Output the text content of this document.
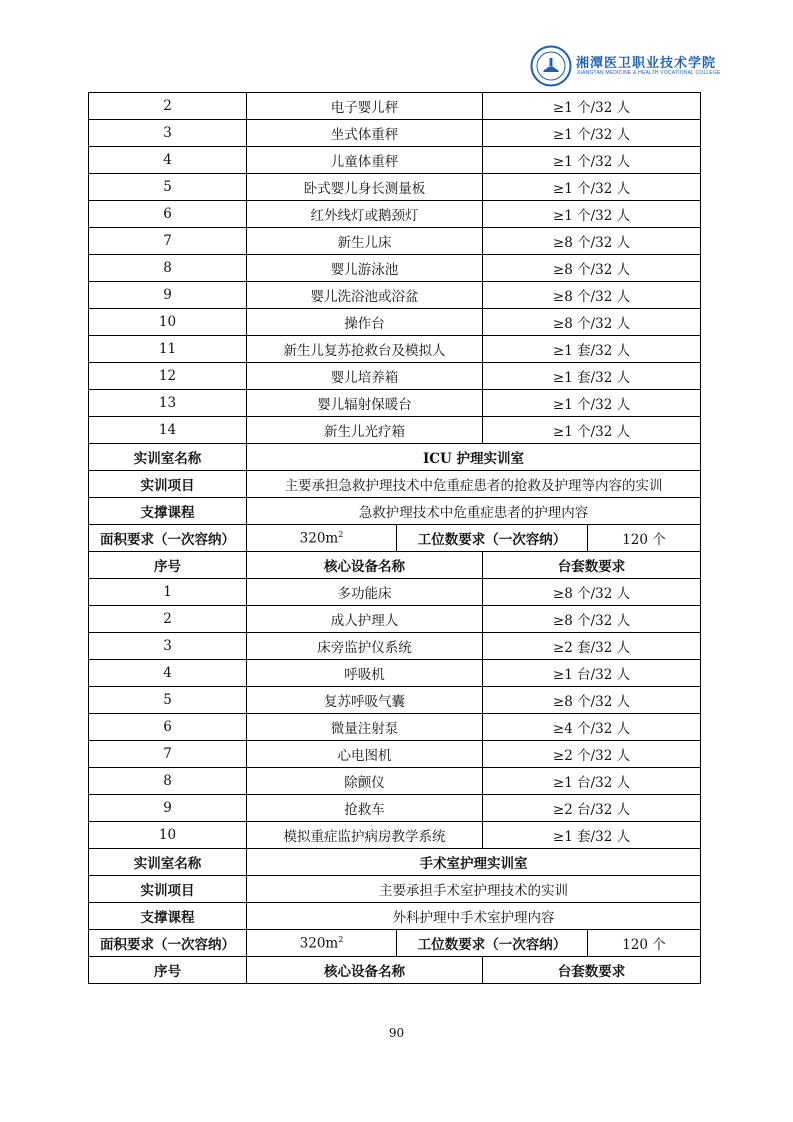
湘潭医卫职业技术学院
XIANGTAN MEDICINE & HEALTH VOCATIONAL COLLEGE
2	电子婴儿秤		≥1 个/32 人	
3	坐式体重秤		≥1 个/32 人	
4	儿童体重秤		≥1 个/32 人	
5	卧式婴儿身长测量板		≥1 个/32 人	
6	红外线灯或鹅颈灯		≥1 个/32 人	
7	新生儿床		≥8 个/32 人	
8	婴儿游泳池		≥8 个/32 人	
9	婴儿洗浴池或浴盆		≥8 个/32 人	
10	操作台		≥8 个/32 人	
11	新生儿复苏抢救台及模拟人		≥1 套/32 人	
12	婴儿培养箱		≥1 套/32 人	
13	婴儿辐射保暖台		≥1 个/32 人	
14	新生儿光疗箱		≥1 个/32 人	
实训室名称	ICU 护理实训室			
实训项目	主要承担急救护理技术中危重症患者的抢救及护理等内容的实训			
支撑课程	急救护理技术中危重症患者的护理内容			
面积要求（一次容纳）	$320m^2$	工位数要求（一次容纳）		120 个
序号	核心设备名称		台套数要求	
1	多功能床		≥8 个/32 人	
2	成人护理人		≥8 个/32 人	
3	床旁监护仪系统		≥2 套/32 人	
4	呼吸机		≥1 台/32 人	
5	复苏呼吸气囊		≥8 个/32 人	
6	微量注射泵		≥4 个/32 人	
7	心电图机		≥2 个/32 人	
8	除颤仪		≥1 台/32 人	
9	抢救车		≥2 台/32 人	
10	模拟重症监护病房教学系统		≥1 套/32 人	
实训室名称	手术室护理实训室			
实训项目	主要承担手术室护理技术的实训			
支撑课程	外科护理中手术室护理内容			
面积要求（一次容纳）	$320m^2$	工位数要求（一次容纳）		120 个
序号	核心设备名称		台套数要求	
90
